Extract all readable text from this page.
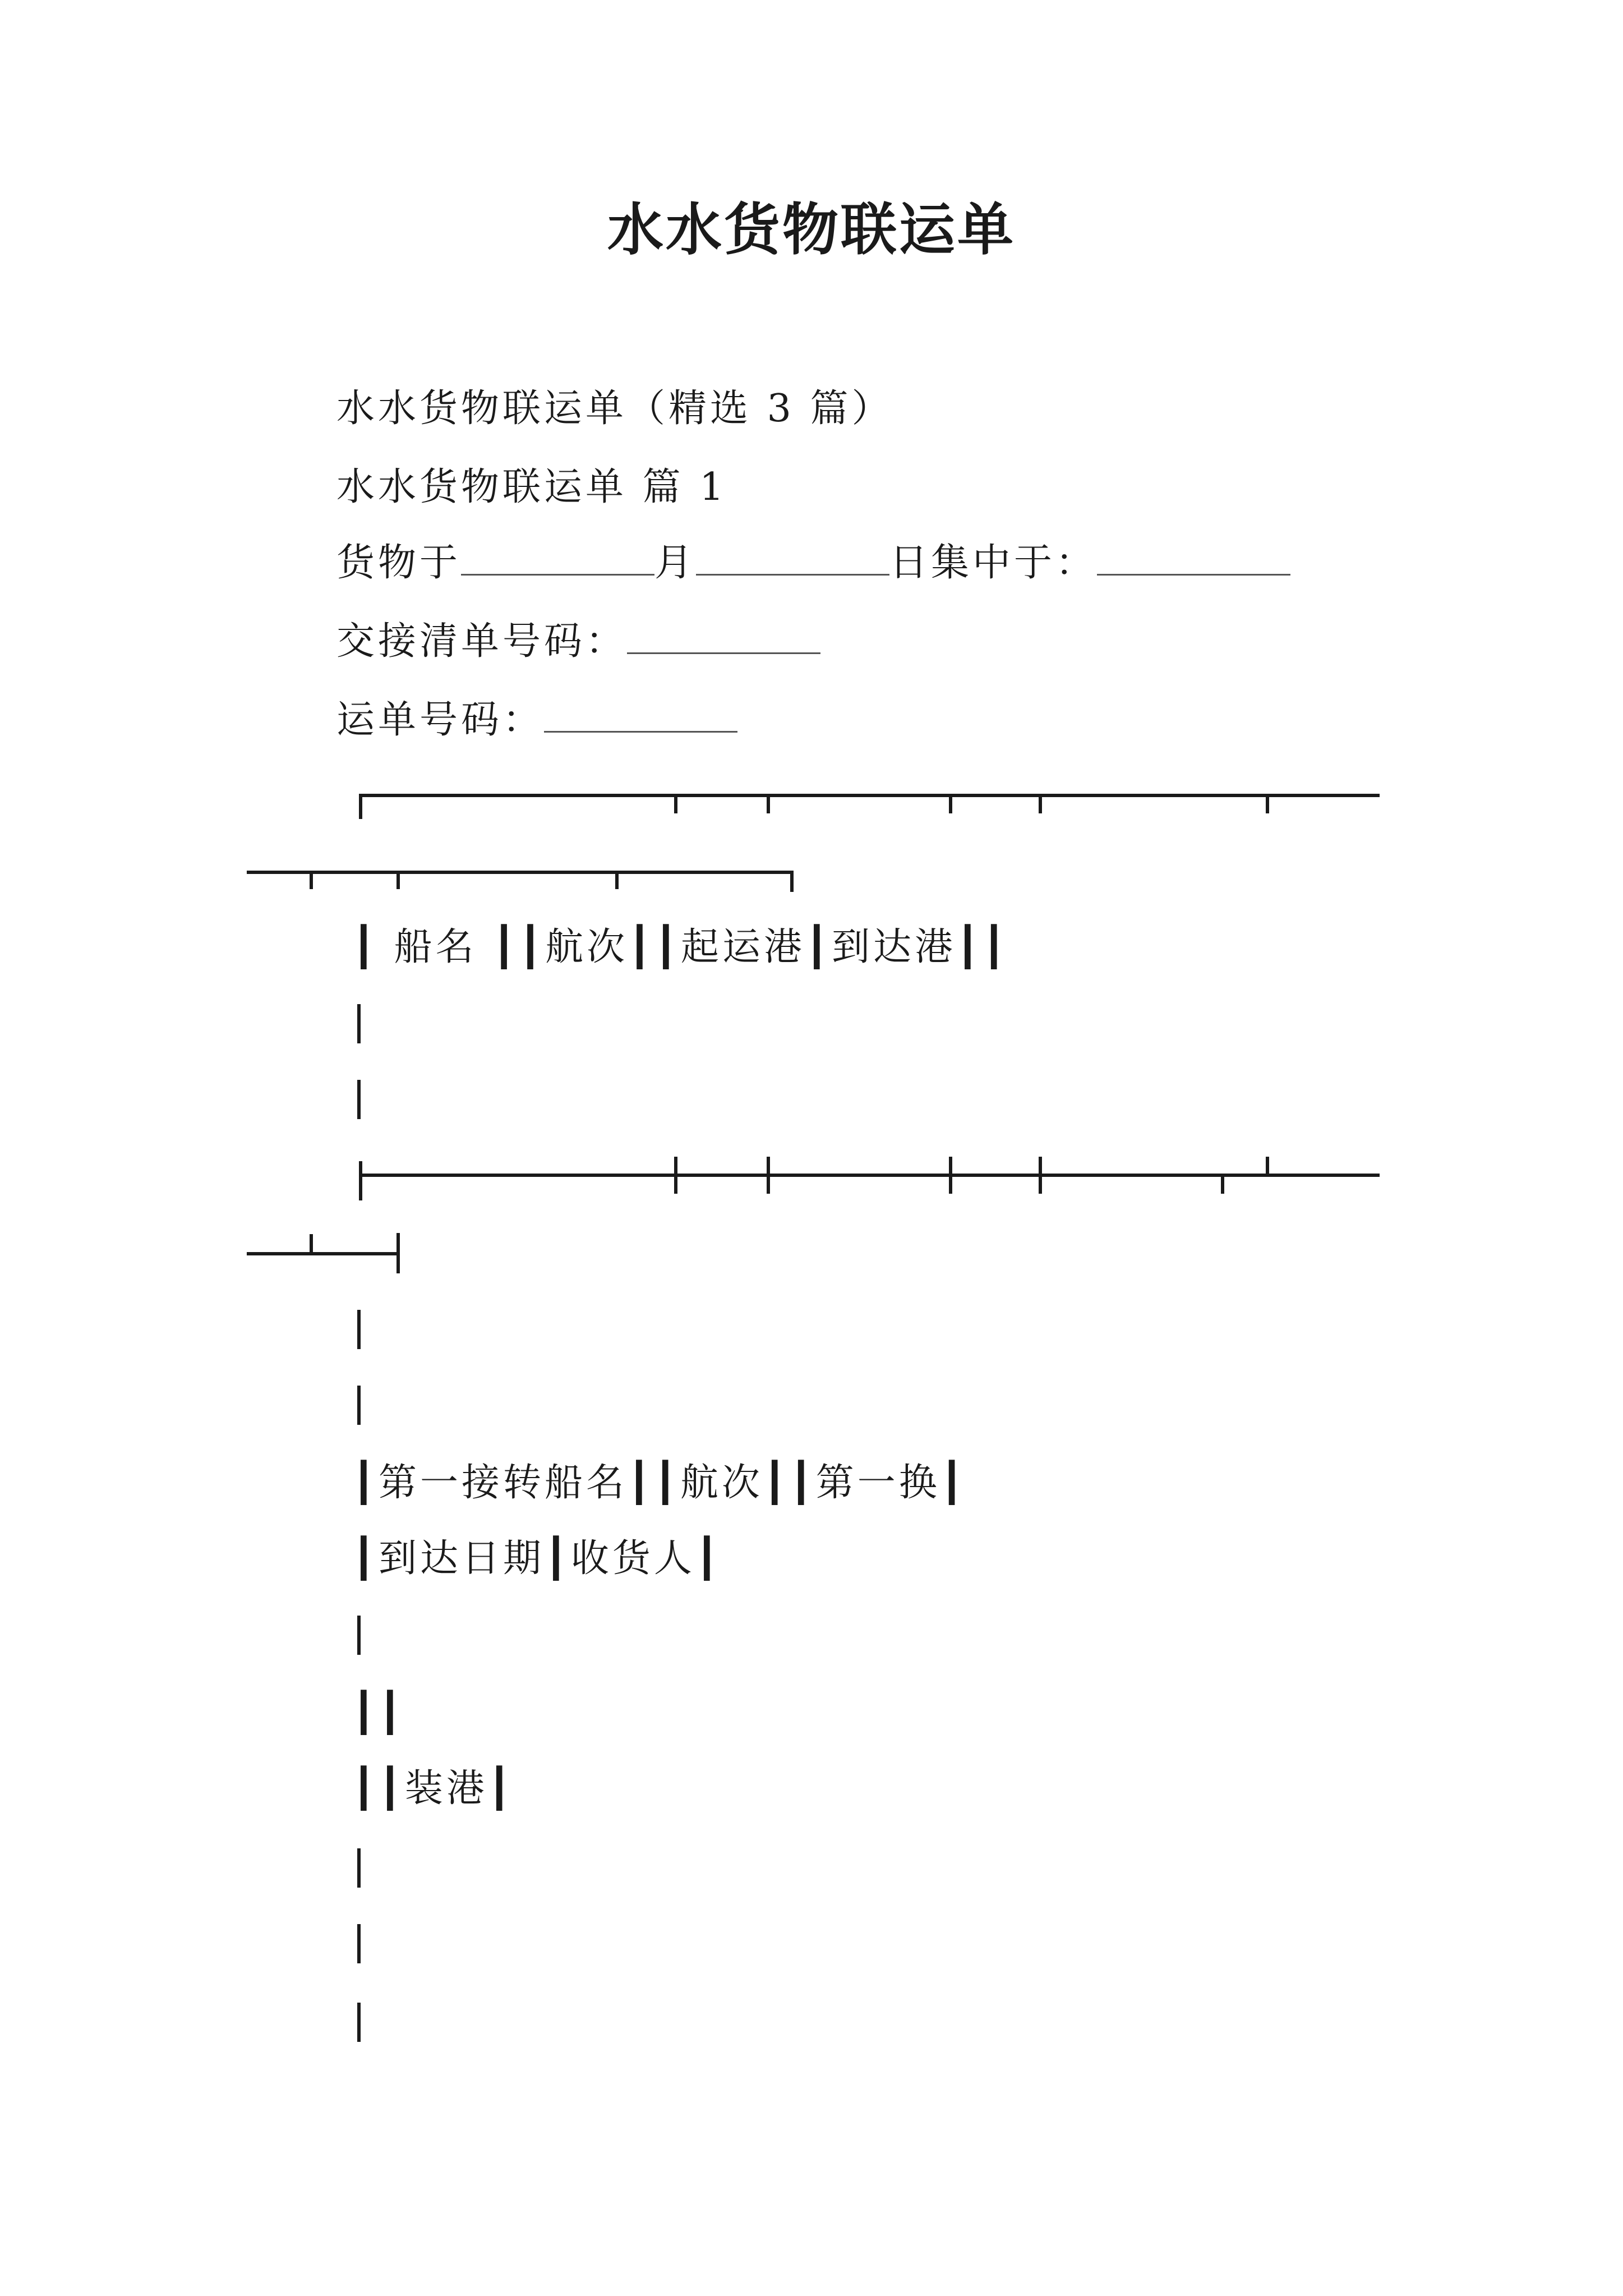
水水货物联运单
水水货物联运单（精选 3 篇）
水水货物联运单 篇 1
货物于	月	日集中于：
交接清单号码：
运单号码：
┃ 船名 ┃┃航次┃┃起运港┃到达港┃┃
┃第一接转船名┃┃航次┃┃第一换┃
┃到达日期┃收货人┃
┃┃
┃┃装港┃
